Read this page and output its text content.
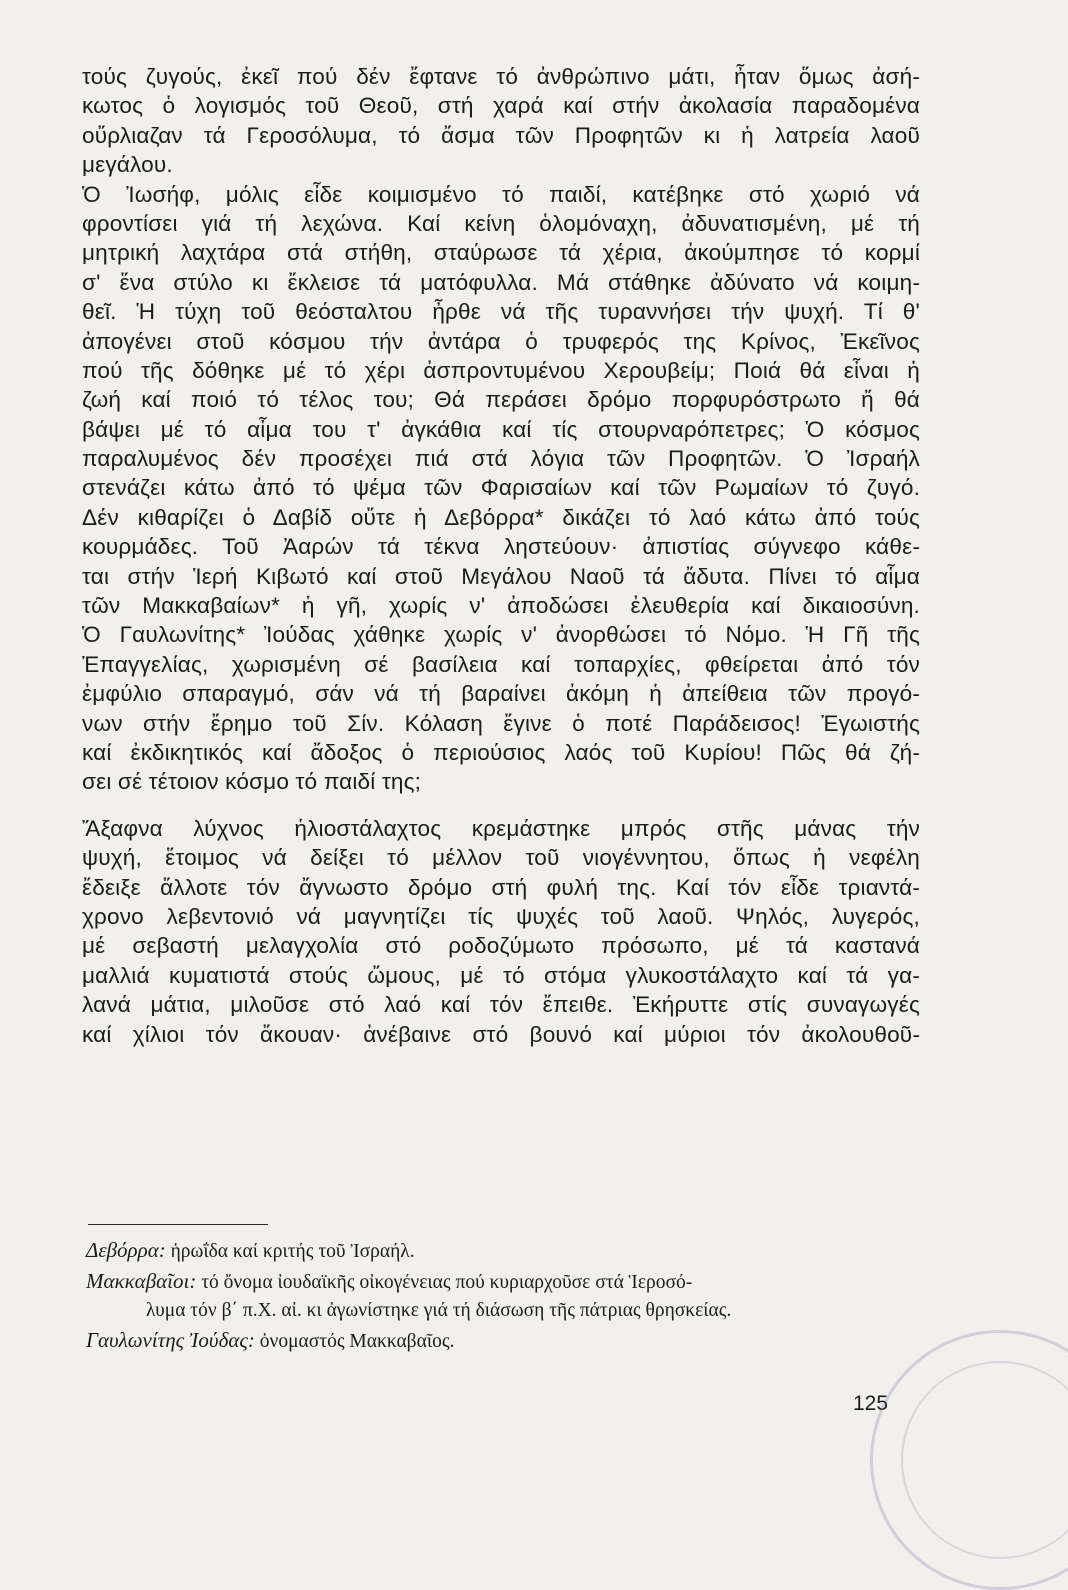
τούς ζυγούς, ἐκεῖ πού δέν ἔφτανε τό ἀνθρώπινο μάτι, ἦταν ὅμως ἀσή-
κωτος ὁ λογισμός τοῦ Θεοῦ, στή χαρά καί στήν ἀκολασία παραδομένα
οὔρλιαζαν τά Γεροσόλυμα, τό ἄσμα τῶν Προφητῶν κι ἡ λατρεία λαοῦ
μεγάλου.
Ὁ Ἰωσήφ, μόλις εἶδε κοιμισμένο τό παιδί, κατέβηκε στό χωριό νά
φροντίσει γιά τή λεχώνα. Καί κείνη ὁλομόναχη, ἀδυνατισμένη, μέ τή
μητρική λαχτάρα στά στήθη, σταύρωσε τά χέρια, ἀκούμπησε τό κορμί
σ' ἕνα στύλο κι ἔκλεισε τά ματόφυλλα. Μά στάθηκε ἀδύνατο νά κοιμη-
θεῖ. Ἡ τύχη τοῦ θεόσταλτου ἦρθε νά τῆς τυραννήσει τήν ψυχή. Τί θ'
ἀπογένει στοῦ κόσμου τήν ἀντάρα ὁ τρυφερός της Κρίνος, Ἐκεῖνος
πού τῆς δόθηκε μέ τό χέρι ἀσπροντυμένου Χερουβείμ; Ποιά θά εἶναι ἡ
ζωή καί ποιό τό τέλος του; Θά περάσει δρόμο πορφυρόστρωτο ἤ θά
βάψει μέ τό αἷμα του τ' ἀγκάθια καί τίς στουρναρόπετρες; Ὁ κόσμος
παραλυμένος δέν προσέχει πιά στά λόγια τῶν Προφητῶν. Ὁ Ἰσραήλ
στενάζει κάτω ἀπό τό ψέμα τῶν Φαρισαίων καί τῶν Ρωμαίων τό ζυγό.
Δέν κιθαρίζει ὁ Δαβίδ οὔτε ἡ Δεβόρρα* δικάζει τό λαό κάτω ἀπό τούς
κουρμάδες. Τοῦ Ἀαρών τά τέκνα ληστεύουν· ἀπιστίας σύγνεφο κάθε-
ται στήν Ἱερή Κιβωτό καί στοῦ Μεγάλου Ναοῦ τά ἄδυτα. Πίνει τό αἷμα
τῶν Μακκαβαίων* ἡ γῆ, χωρίς ν' ἀποδώσει ἐλευθερία καί δικαιοσύνη.
Ὁ Γαυλωνίτης* Ἰούδας χάθηκε χωρίς ν' ἀνορθώσει τό Νόμο. Ἡ Γῆ τῆς
Ἐπαγγελίας, χωρισμένη σέ βασίλεια καί τοπαρχίες, φθείρεται ἀπό τόν
ἐμφύλιο σπαραγμό, σάν νά τή βαραίνει ἀκόμη ἡ ἀπείθεια τῶν προγό-
νων στήν ἔρημο τοῦ Σίν. Κόλαση ἔγινε ὁ ποτέ Παράδεισος! Ἐγωιστής
καί ἐκδικητικός καί ἄδοξος ὁ περιούσιος λαός τοῦ Κυρίου! Πῶς θά ζή-
σει σέ τέτοιον κόσμο τό παιδί της;
Ἄξαφνα λύχνος ἡλιοστάλαχτος κρεμάστηκε μπρός στῆς μάνας τήν
ψυχή, ἕτοιμος νά δείξει τό μέλλον τοῦ νιογέννητου, ὅπως ἡ νεφέλη
ἔδειξε ἄλλοτε τόν ἄγνωστο δρόμο στή φυλή της. Καί τόν εἶδε τριαντά-
χρονο λεβεντονιό νά μαγνητίζει τίς ψυχές τοῦ λαοῦ. Ψηλός, λυγερός,
μέ σεβαστή μελαγχολία στό ροδοζύμωτο πρόσωπο, μέ τά καστανά
μαλλιά κυματιστά στούς ὤμους, μέ τό στόμα γλυκοστάλαχτο καί τά γα-
λανά μάτια, μιλοῦσε στό λαό καί τόν ἔπειθε. Ἐκήρυττε στίς συναγωγές
καί χίλιοι τόν ἄκουαν· ἀνέβαινε στό βουνό καί μύριοι τόν ἀκολουθοῦ-
Δεβόρρα: ἡρωΐδα καί κριτής τοῦ Ἰσραήλ.
Μακκαβαῖοι: τό ὄνομα ἰουδαϊκῆς οἰκογένειας πού κυριαρχοῦσε στά Ἱεροσό-
λυμα τόν β΄ π.Χ. αἰ. κι ἀγωνίστηκε γιά τή διάσωση τῆς πάτριας θρησκείας.
Γαυλωνίτης Ἰούδας: ὀνομαστός Μακκαβαῖος.
125
